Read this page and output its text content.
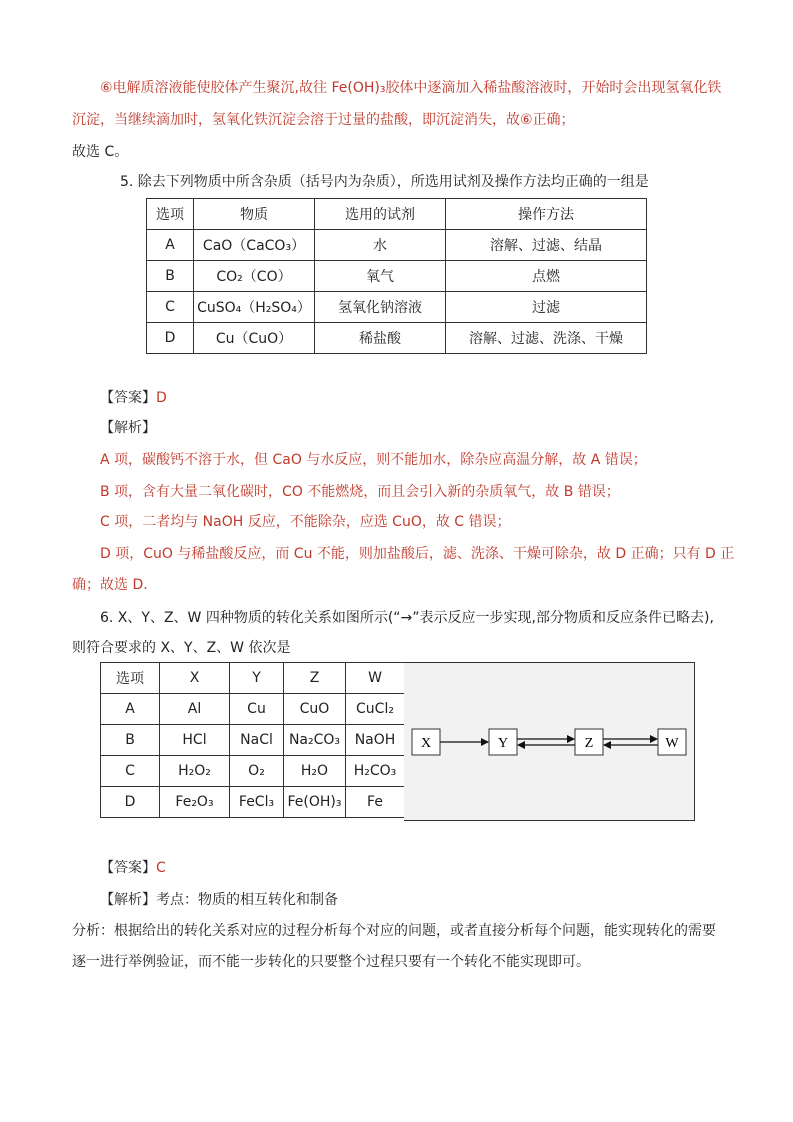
⑥电解质溶液能使胶体产生聚沉,故往 Fe(OH)₃胶体中逐滴加入稀盐酸溶液时，开始时会出现氢氧化铁
沉淀，当继续滴加时，氢氧化铁沉淀会溶于过量的盐酸，即沉淀消失，故⑥正确；
故选 C。
5. 除去下列物质中所含杂质（括号内为杂质），所选用试剂及操作方法均正确的一组是
选项	物质	选用的试剂	操作方法
A	CaO（CaCO₃）	水	溶解、过滤、结晶
B	CO₂（CO）	氧气	点燃
C	CuSO₄（H₂SO₄）	氢氧化钠溶液	过滤
D	Cu（CuO）	稀盐酸	溶解、过滤、洗涤、干燥
【答案】D
【解析】
A 项，碳酸钙不溶于水，但 CaO 与水反应，则不能加水，除杂应高温分解，故 A 错误；
B 项，含有大量二氧化碳时，CO 不能燃烧，而且会引入新的杂质氧气，故 B 错误；
C 项，二者均与 NaOH 反应，不能除杂，应选 CuO，故 C 错误；
D 项，CuO 与稀盐酸反应，而 Cu 不能，则加盐酸后，滤、洗涤、干燥可除杂，故 D 正确；只有 D 正
确；故选 D.
6. X、Y、Z、W 四种物质的转化关系如图所示(“→”表示反应一步实现,部分物质和反应条件已略去),
则符合要求的 X、Y、Z、W 依次是
选项	X	Y	Z	W
A	Al	Cu	CuO	CuCl₂
B	HCl	NaCl	Na₂CO₃	NaOH
C	H₂O₂	O₂	H₂O	H₂CO₃
D	Fe₂O₃	FeCl₃	Fe(OH)₃	Fe
X	Y	Z	W
【答案】C
【解析】考点：物质的相互转化和制备
分析：根据给出的转化关系对应的过程分析每个对应的问题，或者直接分析每个问题，能实现转化的需要
逐一进行举例验证，而不能一步转化的只要整个过程只要有一个转化不能实现即可。
